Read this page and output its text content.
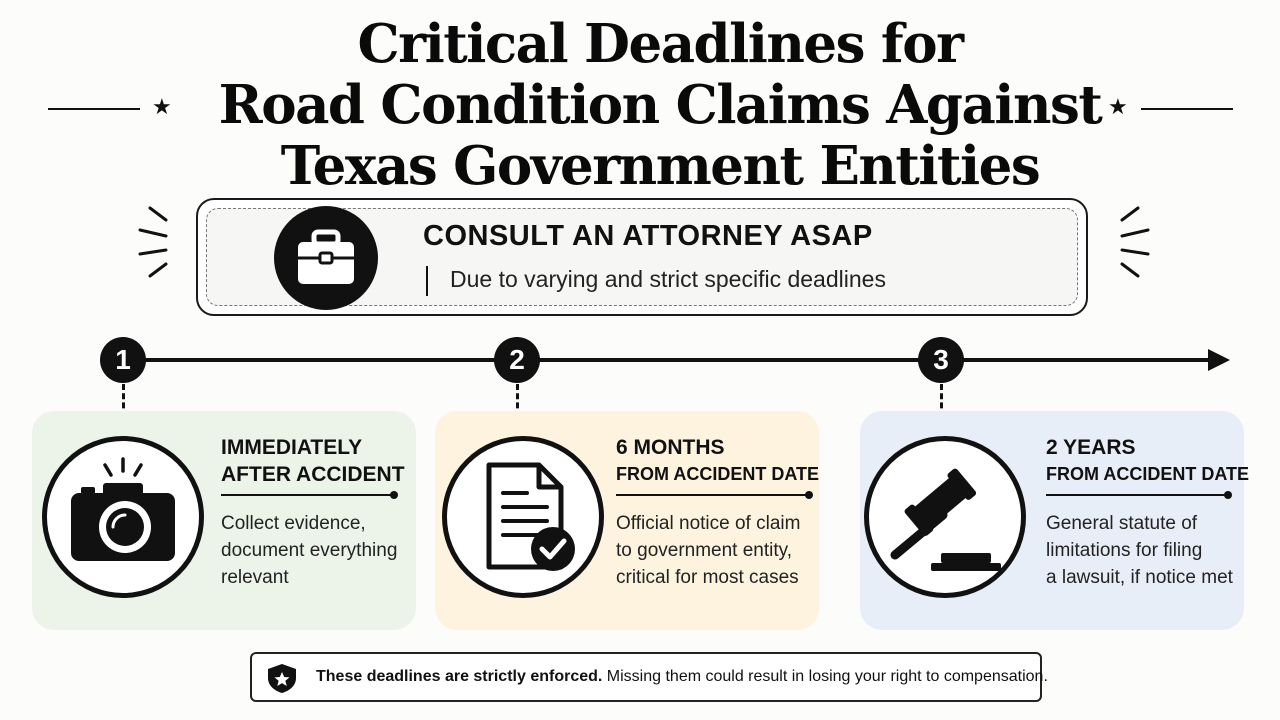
Critical Deadlines for
Road Condition Claims Against
Texas Government Entities
★	★
CONSULT AN ATTORNEY ASAP
Due to varying and strict specific deadlines
1	2	3
IMMEDIATELY
AFTER ACCIDENT
Collect evidence,
document everything
relevant
6 MONTHS
FROM ACCIDENT DATE
Official notice of claim
to government entity,
critical for most cases
2 YEARS
FROM ACCIDENT DATE
General statute of
limitations for filing
a lawsuit, if notice met
These deadlines are strictly enforced. Missing them could result in losing your right to compensation.
